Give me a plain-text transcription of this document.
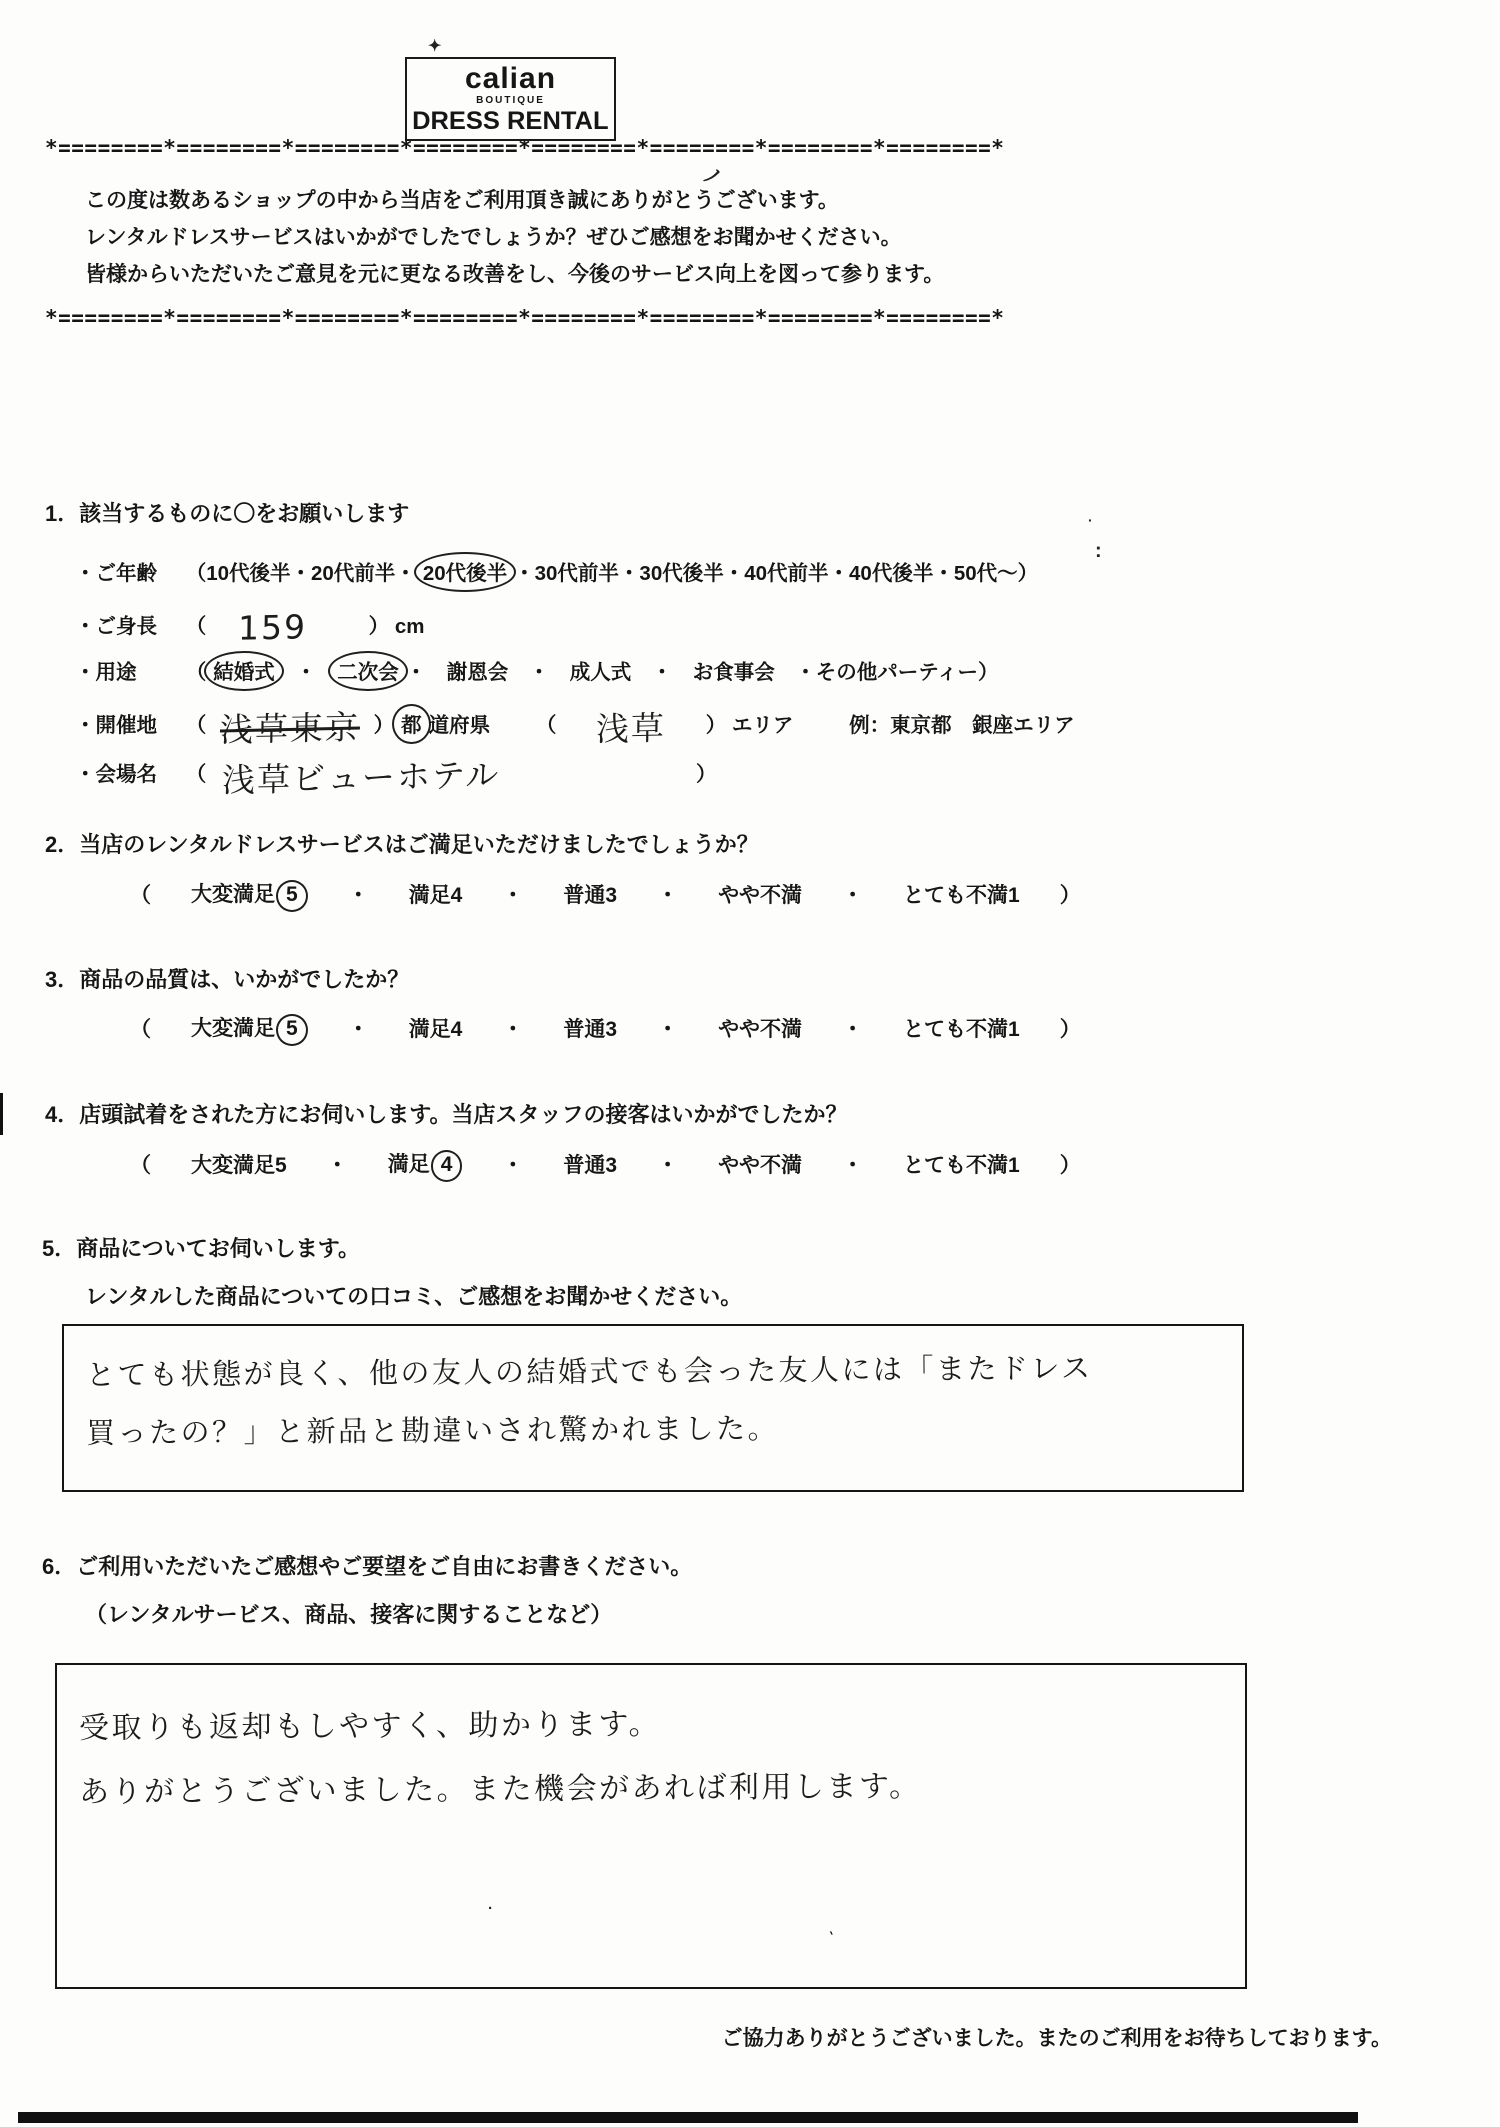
✦
calian
BOUTIQUE
DRESS RENTAL
*========*========*========*========*========*========*========*========*
ノ
この度は数あるショップの中から当店をご利用頂き誠にありがとうございます。
レンタルドレスサービスはいかがでしたでしょうか？ぜひご感想をお聞かせください。
皆様からいただいたご意見を元に更なる改善をし、今後のサービス向上を図って参ります。
*========*========*========*========*========*========*========*========*
1．該当するものに〇をお願いします
・ご年齢 （10代後半・20代前半・ 20代後半 ・30代前半・30代後半・40代前半・40代後半・50代～）
・ご身長 （ 159	） cm
・用途 （ 結婚式 ・ 二次会 ・　謝恩会　・　成人式　・　お食事会　・その他パーティー）
・開催地 （ 浅草東京 ） 都 道府県 （ 浅草 ） エリア	例：東京都　銀座エリア
・会場名 （ 浅草ビューホテル	）
·
:
2．当店のレンタルドレスサービスはご満足いただけましたでしょうか？
（ 大変満足 5	・ 満足4 ・ 普通3 ・ やや不満 ・ とても不満1 ）
3．商品の品質は、いかがでしたか？
（ 大変満足 5	・ 満足4 ・ 普通3 ・ やや不満 ・ とても不満1 ）
4．店頭試着をされた方にお伺いします。当店スタッフの接客はいかがでしたか？
（ 大変満足5 ・ 満足 4	・ 普通3 ・ やや不満 ・ とても不満1 ）
5．商品についてお伺いします。
レンタルした商品についての口コミ、ご感想をお聞かせください。
とても状態が良く、他の友人の結婚式でも会った友人には「またドレス
買ったの？」と新品と勘違いされ驚かれました。
6．ご利用いただいたご感想やご要望をご自由にお書きください。
（レンタルサービス、商品、接客に関することなど）
受取りも返却もしやすく、助かります。
ありがとうございました。また機会があれば利用します。
·
`
ご協力ありがとうございました。またのご利用をお待ちしております。
